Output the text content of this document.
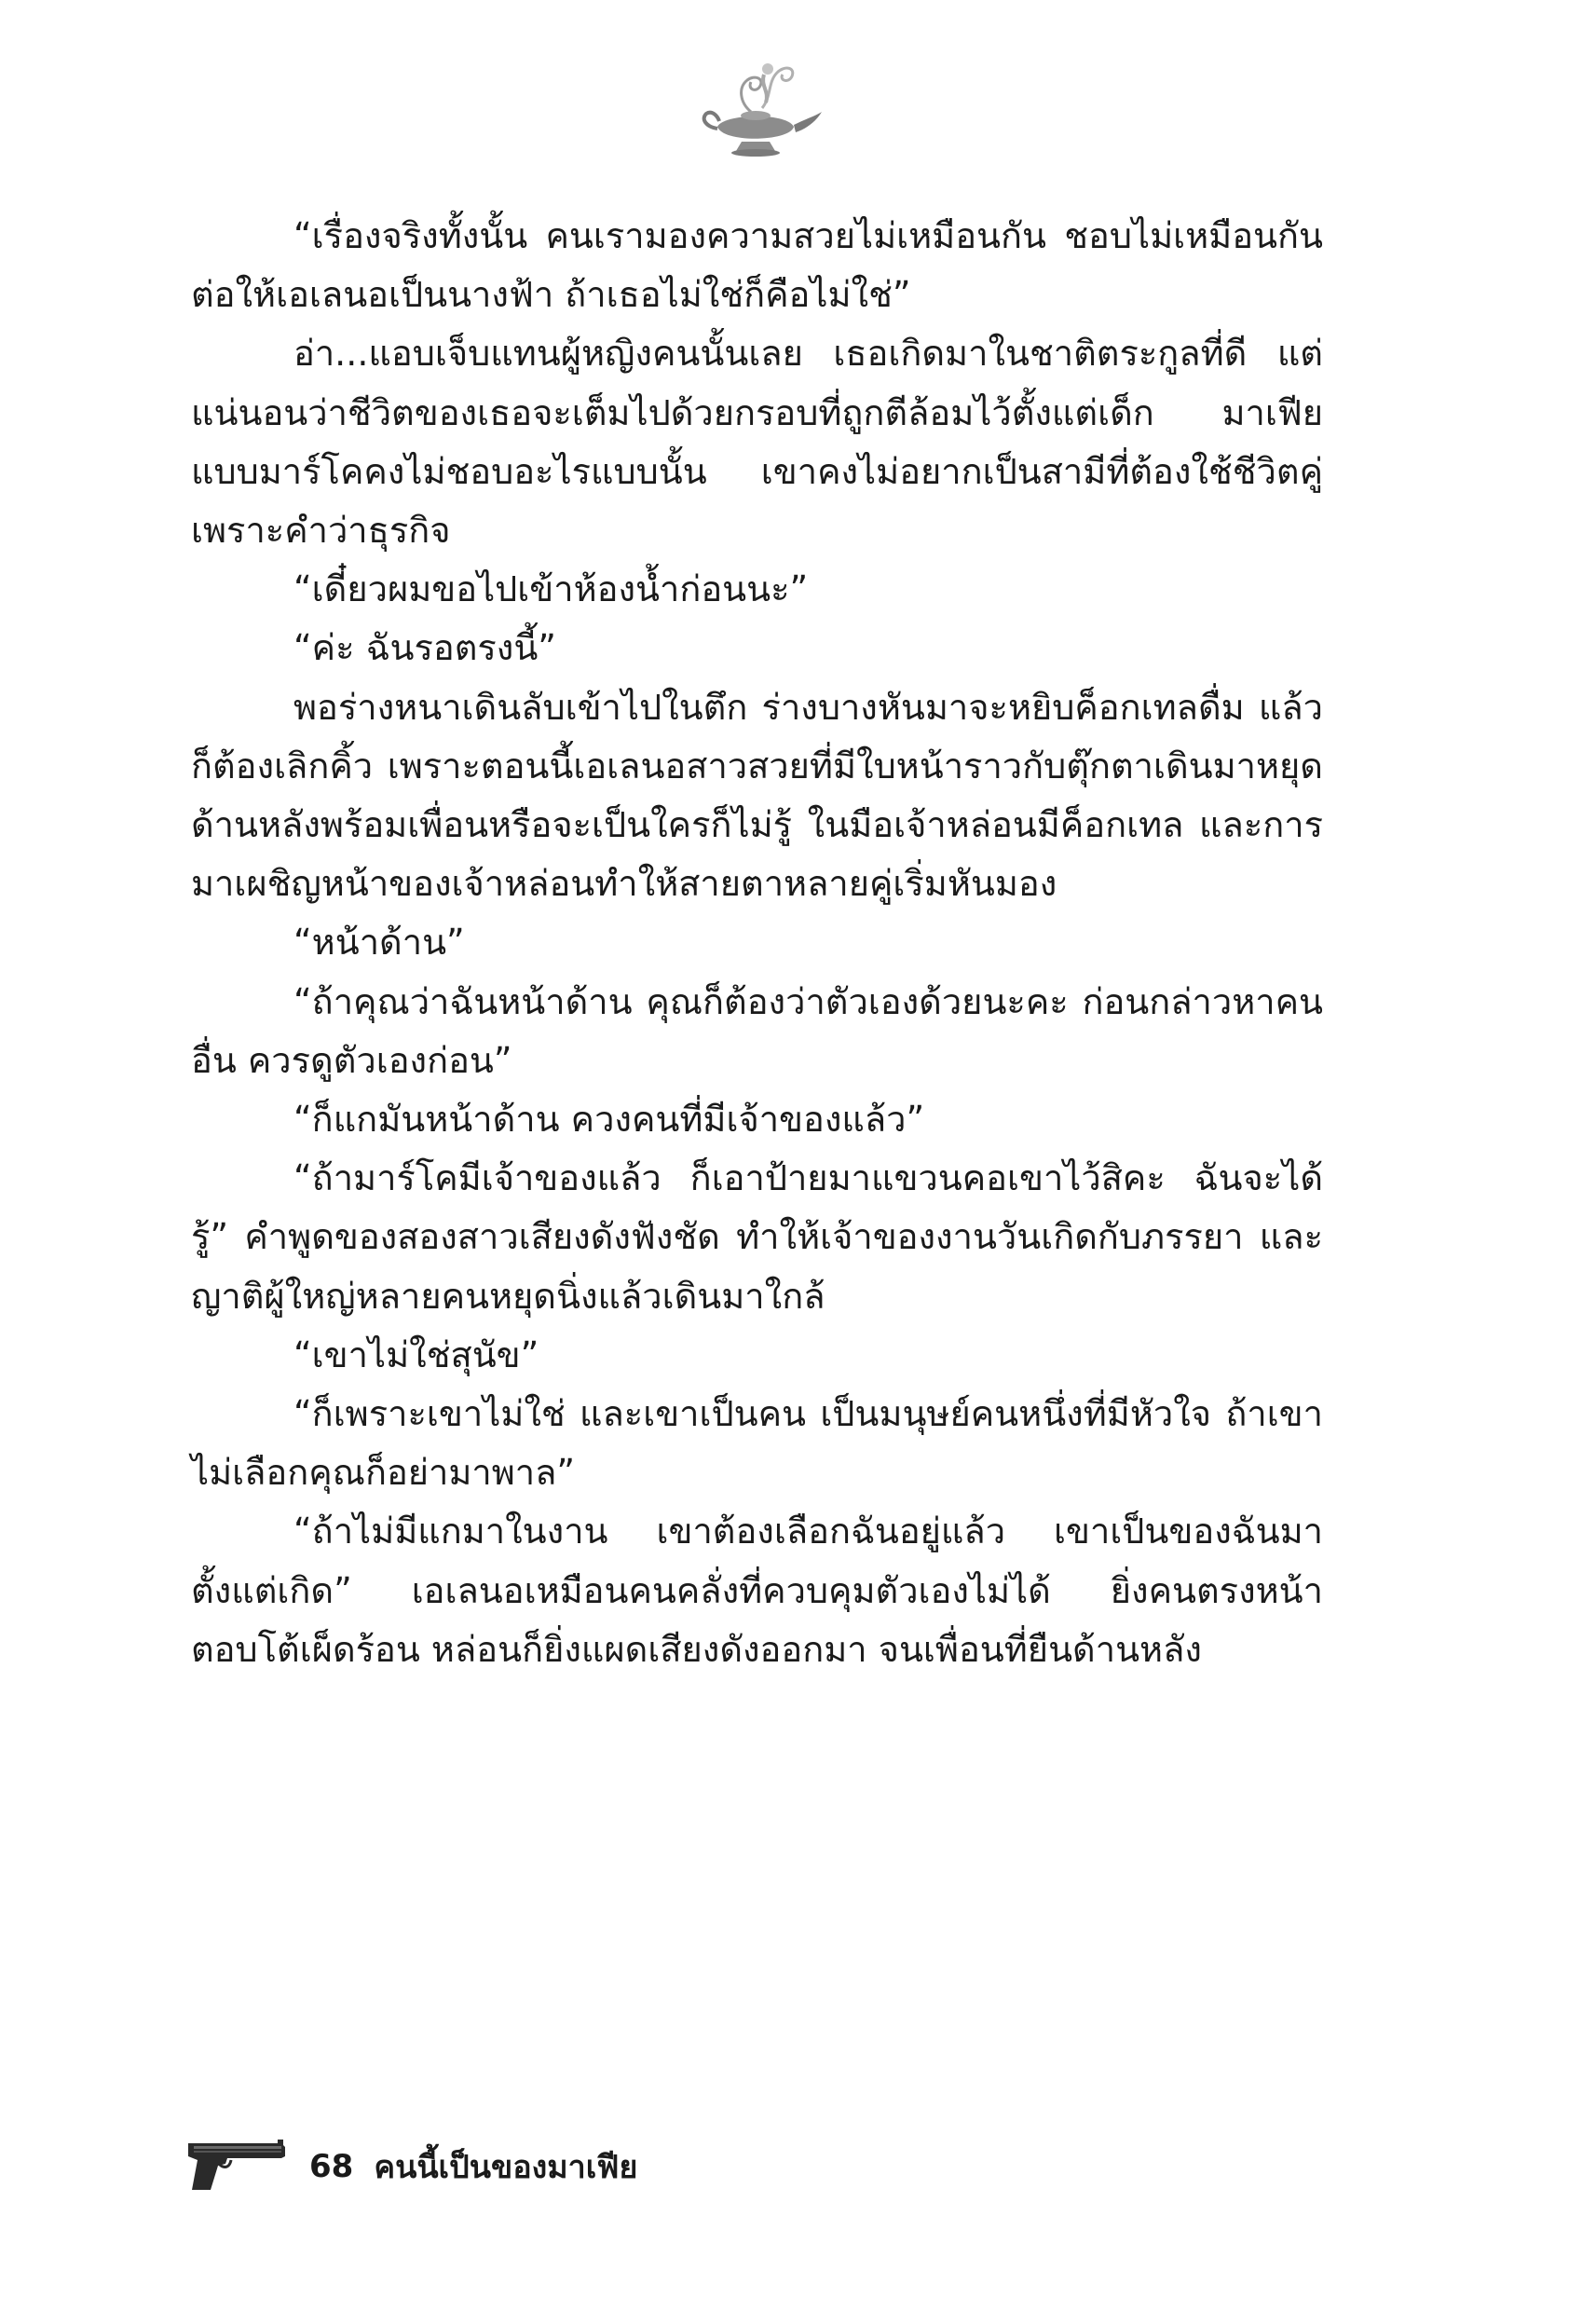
“เรื่องจริงทั้งนั้น คนเรามองความสวยไม่เหมือนกัน ชอบไม่เหมือนกัน ต่อให้เอเลนอเป็นนางฟ้า ถ้าเธอไม่ใช่ก็คือไม่ใช่”

อ่า...แอบเจ็บแทนผู้หญิงคนนั้นเลย เธอเกิดมาในชาติตระกูลที่ดี แต่แน่นอนว่าชีวิตของเธอจะเต็มไปด้วยกรอบที่ถูกตีล้อมไว้ตั้งแต่เด็ก มาเฟียแบบมาร์โคคงไม่ชอบอะไรแบบนั้น เขาคงไม่อยากเป็นสามีที่ต้องใช้ชีวิตคู่เพราะคำว่าธุรกิจ

“เดี๋ยวผมขอไปเข้าห้องน้ำก่อนนะ”

“ค่ะ ฉันรอตรงนี้”

พอร่างหนาเดินลับเข้าไปในตึก ร่างบางหันมาจะหยิบค็อกเทลดื่ม แล้วก็ต้องเลิกคิ้ว เพราะตอนนี้เอเลนอสาวสวยที่มีใบหน้าราวกับตุ๊กตาเดินมาหยุดด้านหลังพร้อมเพื่อนหรือจะเป็นใครก็ไม่รู้ ในมือเจ้าหล่อนมีค็อกเทล และการมาเผชิญหน้าของเจ้าหล่อนทำให้สายตาหลายคู่เริ่มหันมอง

“หน้าด้าน”

“ถ้าคุณว่าฉันหน้าด้าน คุณก็ต้องว่าตัวเองด้วยนะคะ ก่อนกล่าวหาคนอื่น ควรดูตัวเองก่อน”

“ก็แกมันหน้าด้าน ควงคนที่มีเจ้าของแล้ว”

“ถ้ามาร์โคมีเจ้าของแล้ว ก็เอาป้ายมาแขวนคอเขาไว้สิคะ ฉันจะได้รู้” คำพูดของสองสาวเสียงดังฟังชัด ทำให้เจ้าของงานวันเกิดกับภรรยา และญาติผู้ใหญ่หลายคนหยุดนิ่งแล้วเดินมาใกล้

“เขาไม่ใช่สุนัข”

“ก็เพราะเขาไม่ใช่ และเขาเป็นคน เป็นมนุษย์คนหนึ่งที่มีหัวใจ ถ้าเขาไม่เลือกคุณก็อย่ามาพาล”

“ถ้าไม่มีแกมาในงาน เขาต้องเลือกฉันอยู่แล้ว เขาเป็นของฉันมาตั้งแต่เกิด” เอเลนอเหมือนคนคลั่งที่ควบคุมตัวเองไม่ได้ ยิ่งคนตรงหน้าตอบโต้เผ็ดร้อน หล่อนก็ยิ่งแผดเสียงดังออกมา จนเพื่อนที่ยืนด้านหลัง

68 คนนี้เป็นของมาเฟีย
